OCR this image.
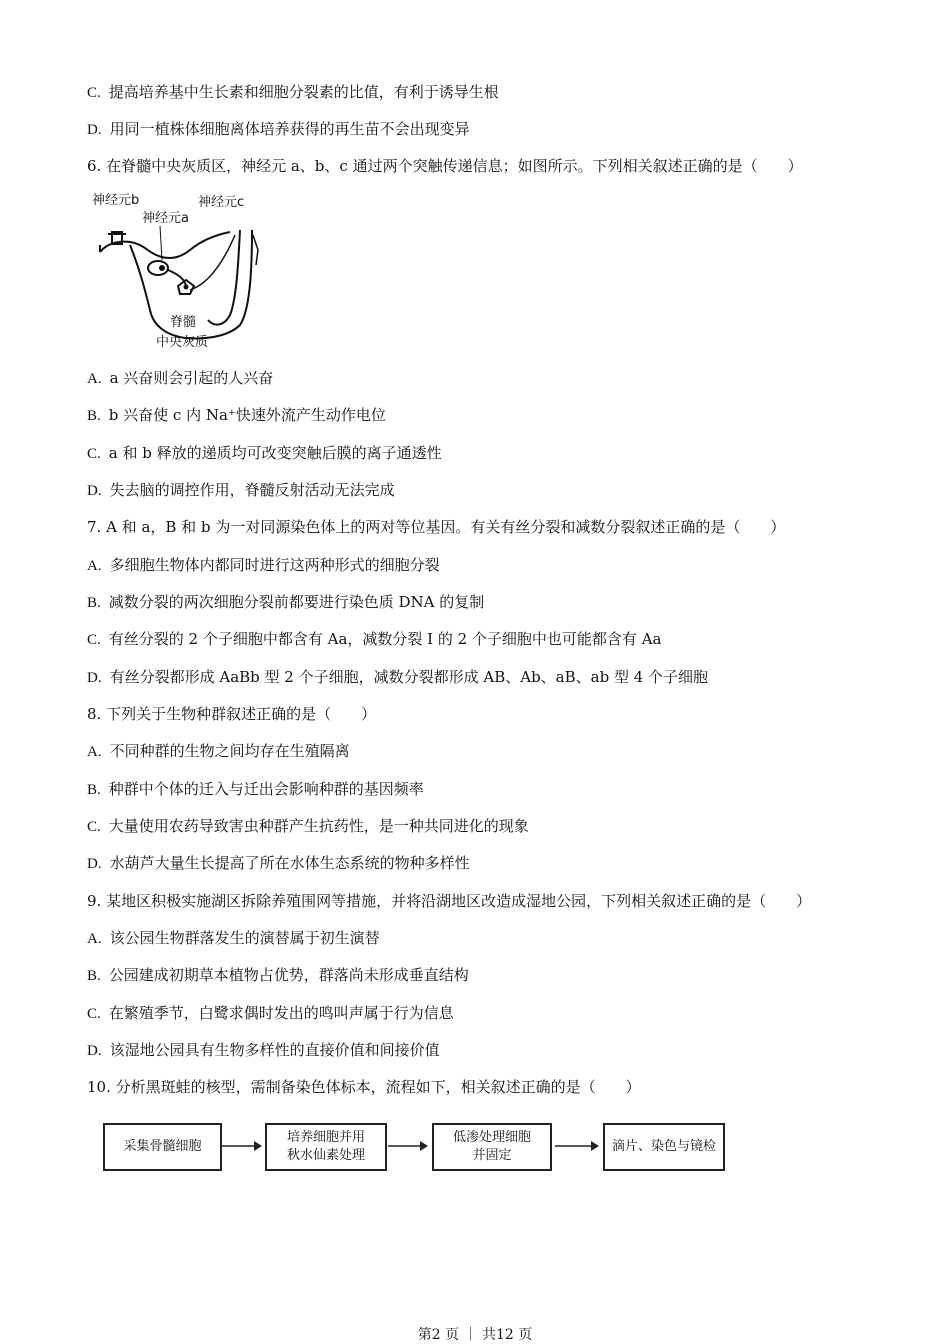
C. 提高培养基中生长素和细胞分裂素的比值，有利于诱导生根
D. 用同一植株体细胞离体培养获得的再生苗不会出现变异
6. 在脊髓中央灰质区，神经元 a、b、c 通过两个突触传递信息；如图所示。下列相关叙述正确的是（　　）
神经元b
神经元a
神经元c
脊髓
中央灰质
A. a 兴奋则会引起的人兴奋
B. b 兴奋使 c 内 Na⁺快速外流产生动作电位
C. a 和 b 释放的递质均可改变突触后膜的离子通透性
D. 失去脑的调控作用，脊髓反射活动无法完成
7. A 和 a，B 和 b 为一对同源染色体上的两对等位基因。有关有丝分裂和减数分裂叙述正确的是（　　）
A. 多细胞生物体内都同时进行这两种形式的细胞分裂
B. 减数分裂的两次细胞分裂前都要进行染色质 DNA 的复制
C. 有丝分裂的 2 个子细胞中都含有 Aa，减数分裂 Ⅰ 的 2 个子细胞中也可能都含有 Aa
D. 有丝分裂都形成 AaBb 型 2 个子细胞，减数分裂都形成 AB、Ab、aB、ab 型 4 个子细胞
8. 下列关于生物种群叙述正确的是（　　）
A. 不同种群的生物之间均存在生殖隔离
B. 种群中个体的迁入与迁出会影响种群的基因频率
C. 大量使用农药导致害虫种群产生抗药性，是一种共同进化的现象
D. 水葫芦大量生长提高了所在水体生态系统的物种多样性
9. 某地区积极实施湖区拆除养殖围网等措施，并将沿湖地区改造成湿地公园，下列相关叙述正确的是（　　）
A. 该公园生物群落发生的演替属于初生演替
B. 公园建成初期草本植物占优势，群落尚未形成垂直结构
C. 在繁殖季节，白鹭求偶时发出的鸣叫声属于行为信息
D. 该湿地公园具有生物多样性的直接价值和间接价值
10. 分析黑斑蛙的核型，需制备染色体标本，流程如下，相关叙述正确的是（　　）
采集骨髓细胞
培养细胞并用
秋水仙素处理
低渗处理细胞
并固定
滴片、染色与镜检
第2 页 ｜ 共12 页
